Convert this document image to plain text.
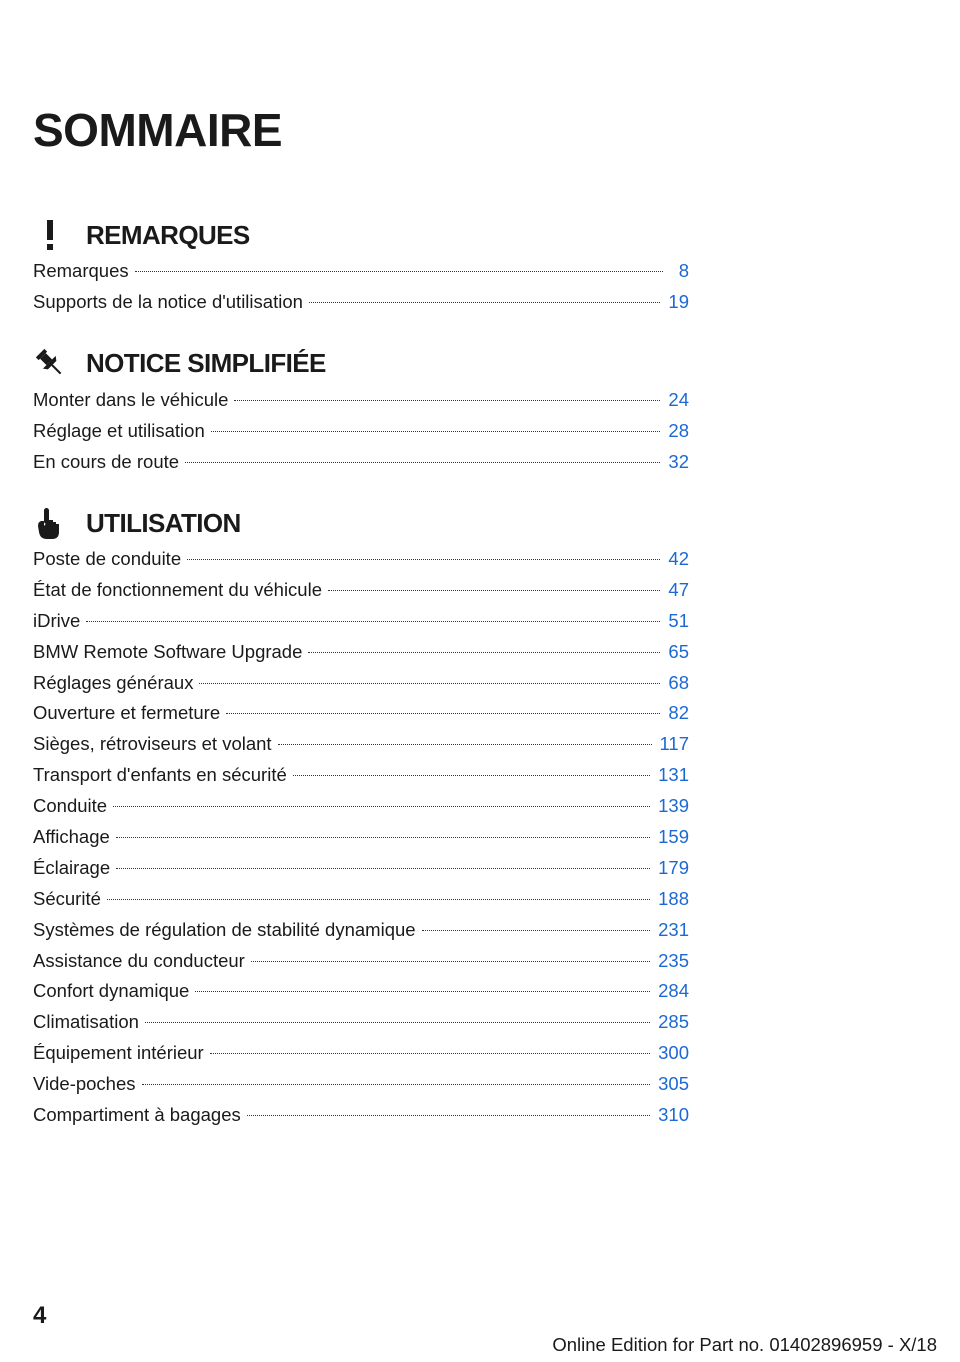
SOMMAIRE
REMARQUES
Remarques	8
Supports de la notice d'utilisation	19
NOTICE SIMPLIFIÉE
Monter dans le véhicule	24
Réglage et utilisation	28
En cours de route	32
UTILISATION
Poste de conduite	42
État de fonctionnement du véhicule	47
iDrive	51
BMW Remote Software Upgrade	65
Réglages généraux	68
Ouverture et fermeture	82
Sièges, rétroviseurs et volant	117
Transport d'enfants en sécurité	131
Conduite	139
Affichage	159
Éclairage	179
Sécurité	188
Systèmes de régulation de stabilité dynamique	231
Assistance du conducteur	235
Confort dynamique	284
Climatisation	285
Équipement intérieur	300
Vide-poches	305
Compartiment à bagages	310
4
Online Edition for Part no. 01402896959 - X/18
